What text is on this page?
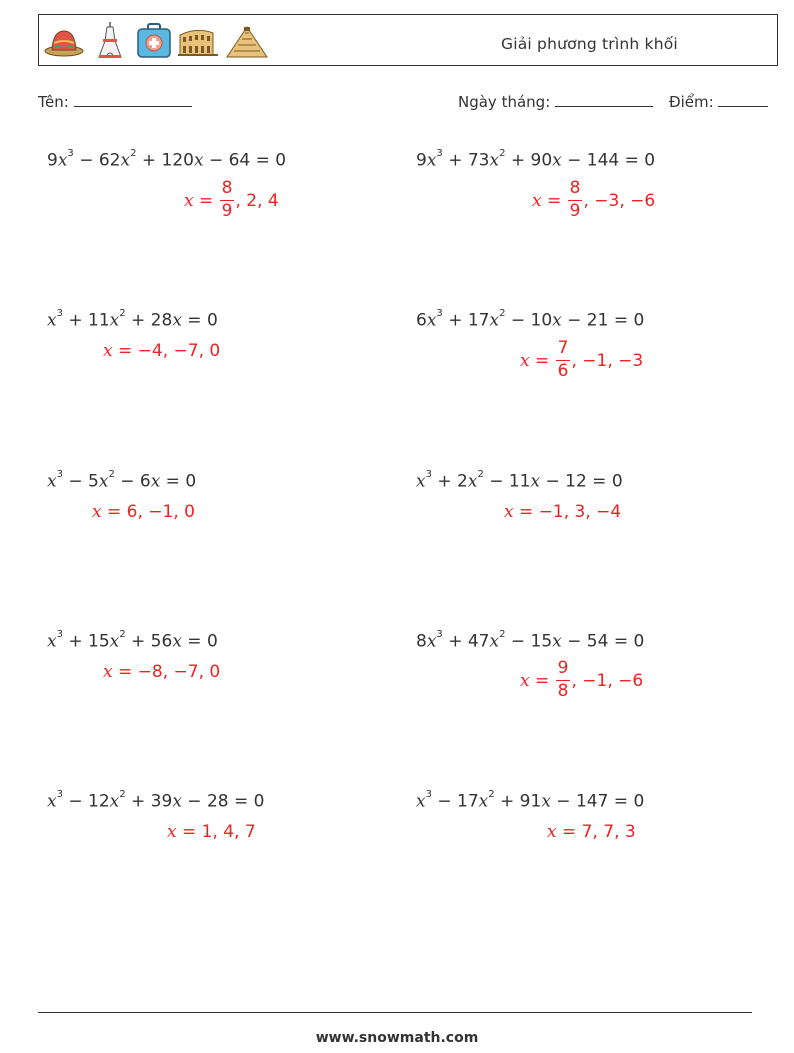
Giải phương trình khối
Tên:	Ngày tháng:	Điểm:
$9x^3 - 62x^2 + 120x - 64 = 0$
$x = \frac{8}{9}$ , 2, 4
$9x^3 + 73x^2 + 90x - 144 = 0$
$x = \frac{8}{9}$ , −3, −6
$x^3 + 11x^2 + 28x = 0$
x = −4, −7, 0
$6x^3 + 17x^2 - 10x - 21 = 0$
$x = \frac{7}{6}$ , −1, −3
$x^3 - 5x^2 - 6x = 0$
x = 6, −1, 0
$x^3 + 2x^2 - 11x - 12 = 0$
x = −1, 3, −4
$x^3 + 15x^2 + 56x = 0$
x = −8, −7, 0
$8x^3 + 47x^2 - 15x - 54 = 0$
$x = \frac{9}{8}$ , −1, −6
$x^3 - 12x^2 + 39x - 28 = 0$
x = 1, 4, 7
$x^3 - 17x^2 + 91x - 147 = 0$
x = 7, 7, 3
www.snowmath.com
